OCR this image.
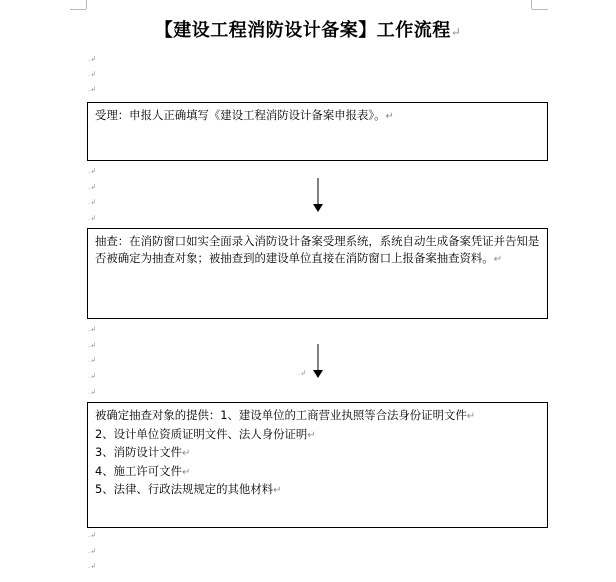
【建设工程消防设计备案】工作流程↵
.↲
.↲
.↲
.↲
.↲
.↲
.↲
.↲
.↲
.↲
.↲
.↲
.↲
.↲
.↲
.↲
受理：申报人正确填写《建设工程消防设计备案申报表》。↵
抽查：在消防窗口如实全面录入消防设计备案受理系统，系统自动生成备案凭证并告知是否被确定为抽查对象；被抽查到的建设单位直接在消防窗口上报备案抽查资料。↵
被确定抽查对象的提供：1、建设单位的工商营业执照等合法身份证明文件↵
2、设计单位资质证明文件、法人身份证明↵
3、消防设计文件↵
4、施工许可文件↵
5、法律、行政法规规定的其他材料↵
